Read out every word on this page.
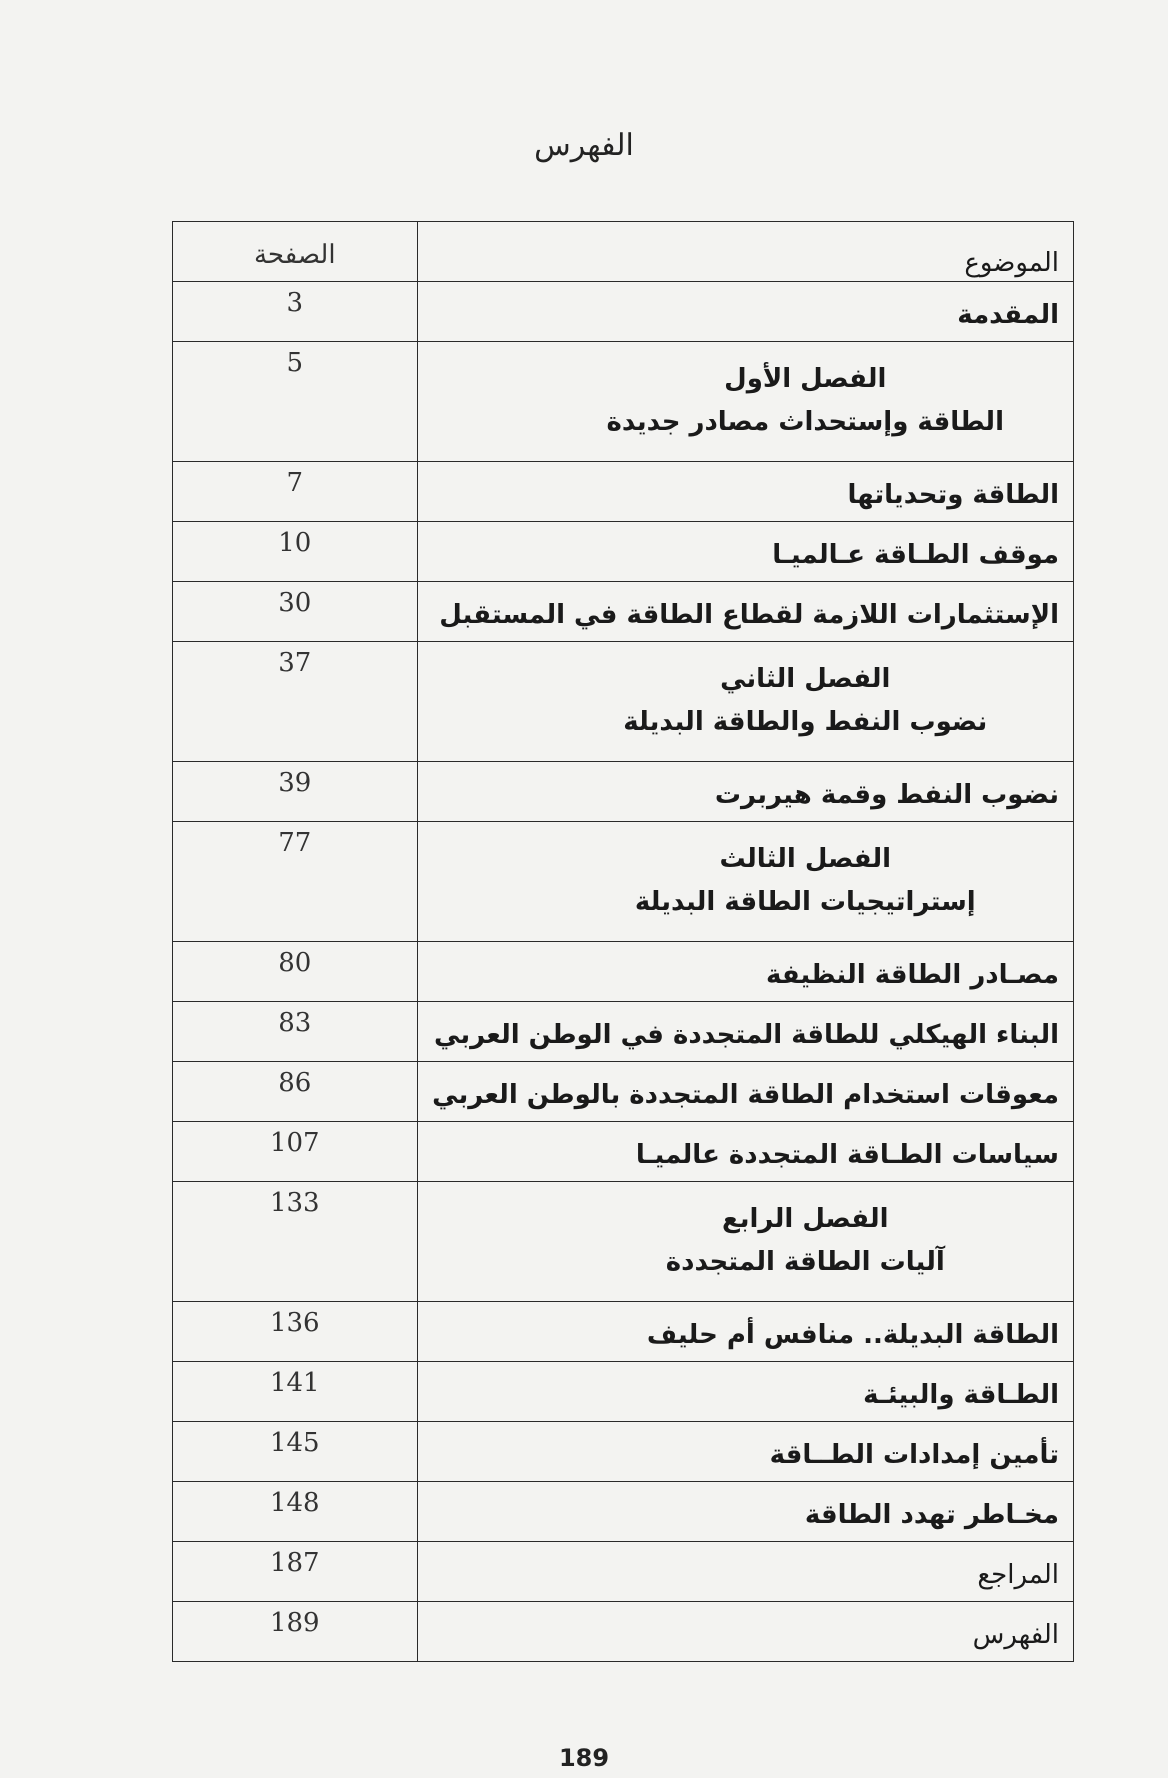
الفهرس
الموضوع	الصفحة
المقدمة	3

الفصل الأول
الطاقة وإستحداث مصادر جديدة	5
الطاقة وتحدياتها	7
موقف الطـاقة عـالميـا	10
الإستثمارات اللازمة لقطاع الطاقة في المستقبل	30

الفصل الثاني
نضوب النفط والطاقة البديلة	37
نضوب النفط وقمة هيربرت	39

الفصل الثالث
إستراتيجيات الطاقة البديلة	77
مصـادر الطاقة النظيفة	80
البناء الهيكلي للطاقة المتجددة في الوطن العربي	83
معوقات استخدام الطاقة المتجددة بالوطن العربي	86
سياسات الطـاقة المتجددة عالميـا	107

الفصل الرابع
آليات الطاقة المتجددة	133
الطاقة البديلة.. منافس أم حليف	136
الطـاقة والبيئـة	141
تأمين إمدادات الطــاقة	145
مخـاطر تهدد الطاقة	148
المراجع	187
الفهرس	189
189
